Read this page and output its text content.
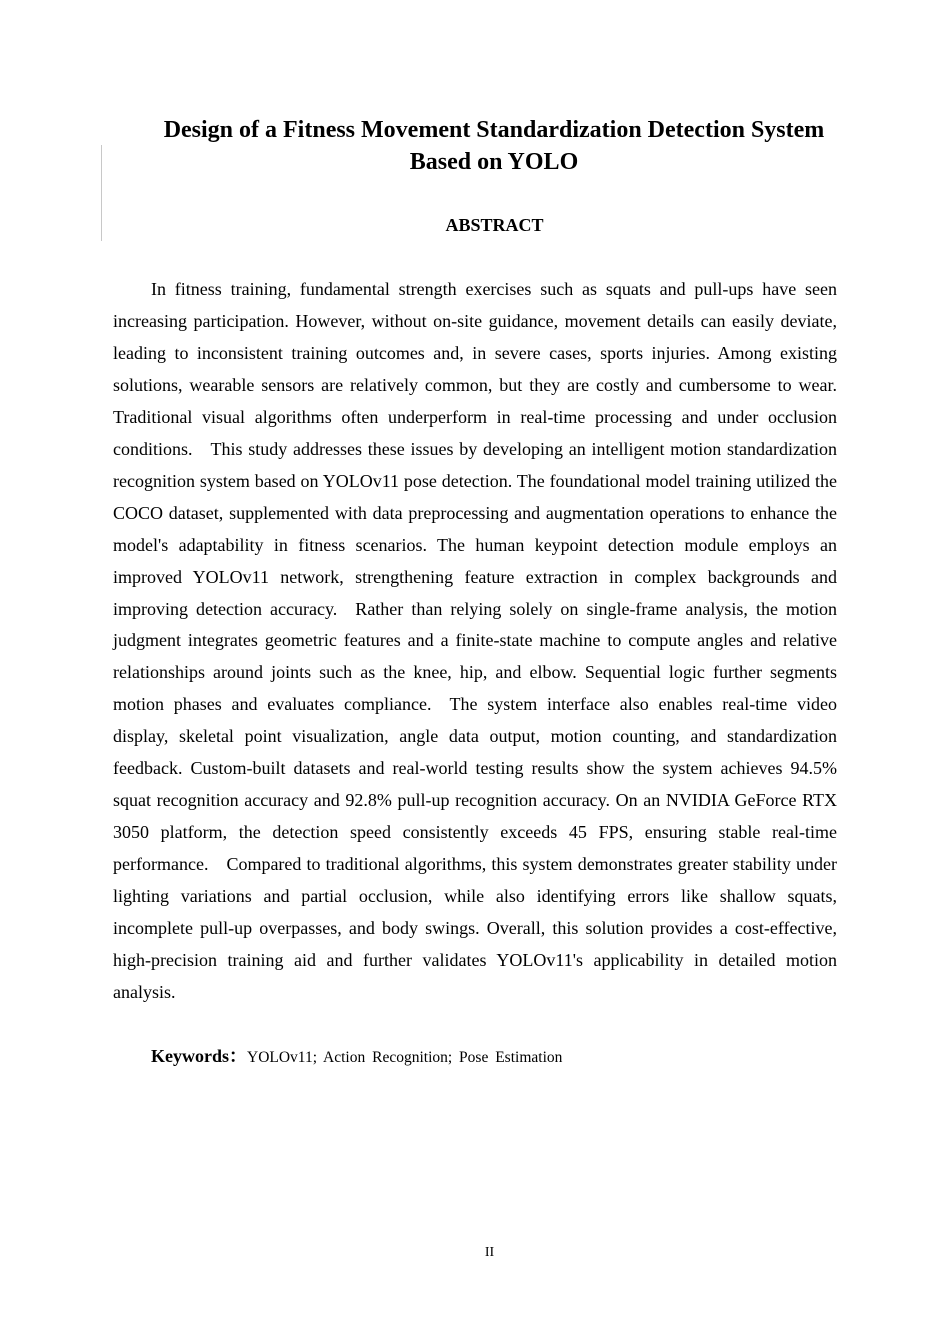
Design of a Fitness Movement Standardization Detection System Based on YOLO
ABSTRACT

In fitness training, fundamental strength exercises such as squats and pull-ups have seen increasing participation. However, without on-site guidance, movement details can easily deviate, leading to inconsistent training outcomes and, in severe cases, sports injuries. Among existing solutions, wearable sensors are relatively common, but they are costly and cumbersome to wear. Traditional visual algorithms often underperform in real-time processing and under occlusion conditions. This study addresses these issues by developing an intelligent motion standardization recognition system based on YOLOv11 pose detection. The foundational model training utilized the COCO dataset, supplemented with data preprocessing and augmentation operations to enhance the model's adaptability in fitness scenarios. The human keypoint detection module employs an improved YOLOv11 network, strengthening feature extraction in complex backgrounds and improving detection accuracy. Rather than relying solely on single-frame analysis, the motion judgment integrates geometric features and a finite-state machine to compute angles and relative relationships around joints such as the knee, hip, and elbow. Sequential logic further segments motion phases and evaluates compliance. The system interface also enables real-time video display, skeletal point visualization, angle data output, motion counting, and standardization feedback. Custom-built datasets and real-world testing results show the system achieves 94.5% squat recognition accuracy and 92.8% pull-up recognition accuracy. On an NVIDIA GeForce RTX 3050 platform, the detection speed consistently exceeds 45 FPS, ensuring stable real-time performance. Compared to traditional algorithms, this system demonstrates greater stability under lighting variations and partial occlusion, while also identifying errors like shallow squats, incomplete pull-up overpasses, and body swings. Overall, this solution provides a cost-effective, high-precision training aid and further validates YOLOv11's applicability in detailed motion analysis.

Keywords：YOLOv11; Action Recognition; Pose Estimation
II
